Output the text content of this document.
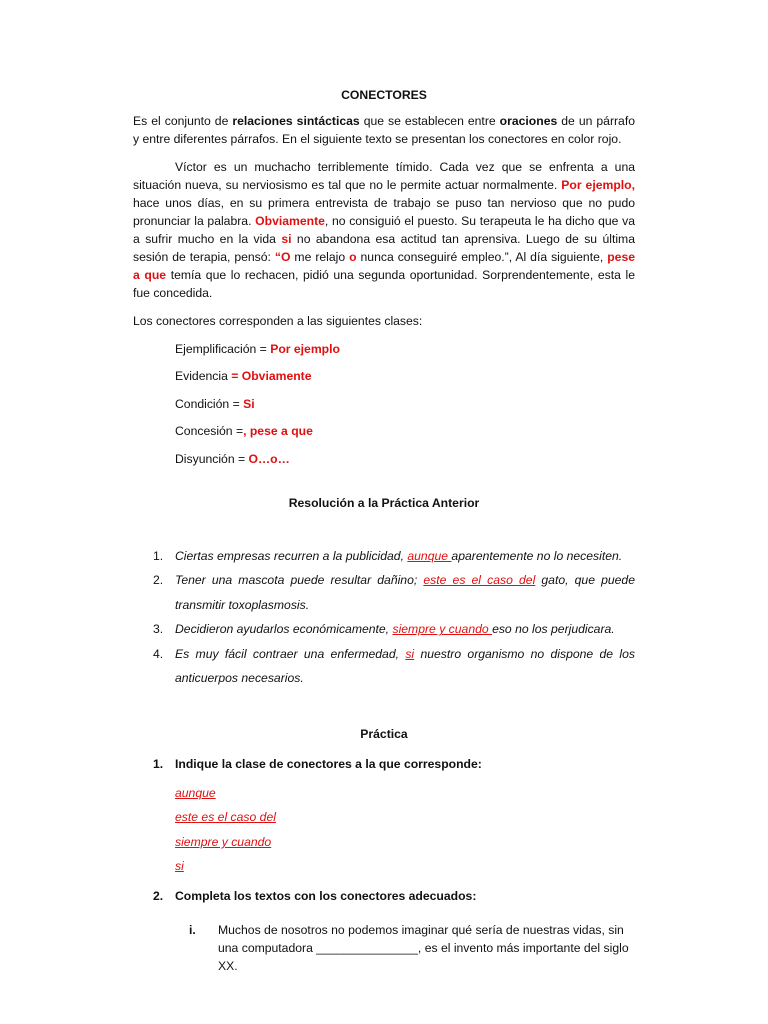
CONECTORES

Es el conjunto de relaciones sintácticas que se establecen entre oraciones de un párrafo y entre diferentes párrafos. En el siguiente texto se presentan los conectores en color rojo.

Víctor es un muchacho terriblemente tímido. Cada vez que se enfrenta a una situación nueva, su nerviosismo es tal que no le permite actuar normalmente. Por ejemplo, hace unos días, en su primera entrevista de trabajo se puso tan nervioso que no pudo pronunciar la palabra. Obviamente, no consiguió el puesto. Su terapeuta le ha dicho que va a sufrir mucho en la vida si no abandona esa actitud tan aprensiva. Luego de su última sesión de terapia, pensó: “O me relajo o nunca conseguiré empleo.”, Al día siguiente, pese a que temía que lo rechacen, pidió una segunda oportunidad. Sorprendentemente, esta le fue concedida.

Los conectores corresponden a las siguientes clases:

Ejemplificación = Por ejemplo
Evidencia = Obviamente
Condición = Si
Concesión =, pese a que
Disyunción = O…o…

Resolución a la Práctica Anterior

1. Ciertas empresas recurren a la publicidad, aunque aparentemente no lo necesiten.
2. Tener una mascota puede resultar dañino; este es el caso del gato, que puede transmitir toxoplasmosis.
3. Decidieron ayudarlos económicamente, siempre y cuando eso no los perjudicara.
4. Es muy fácil contraer una enfermedad, si nuestro organismo no dispone de los anticuerpos necesarios.

Práctica

1. Indique la clase de conectores a la que corresponde:
aunque
este es el caso del
siempre y cuando
si
2. Completa los textos con los conectores adecuados:
i. Muchos de nosotros no podemos imaginar qué sería de nuestras vidas, sin una computadora _______________, es el invento más importante del siglo XX.
